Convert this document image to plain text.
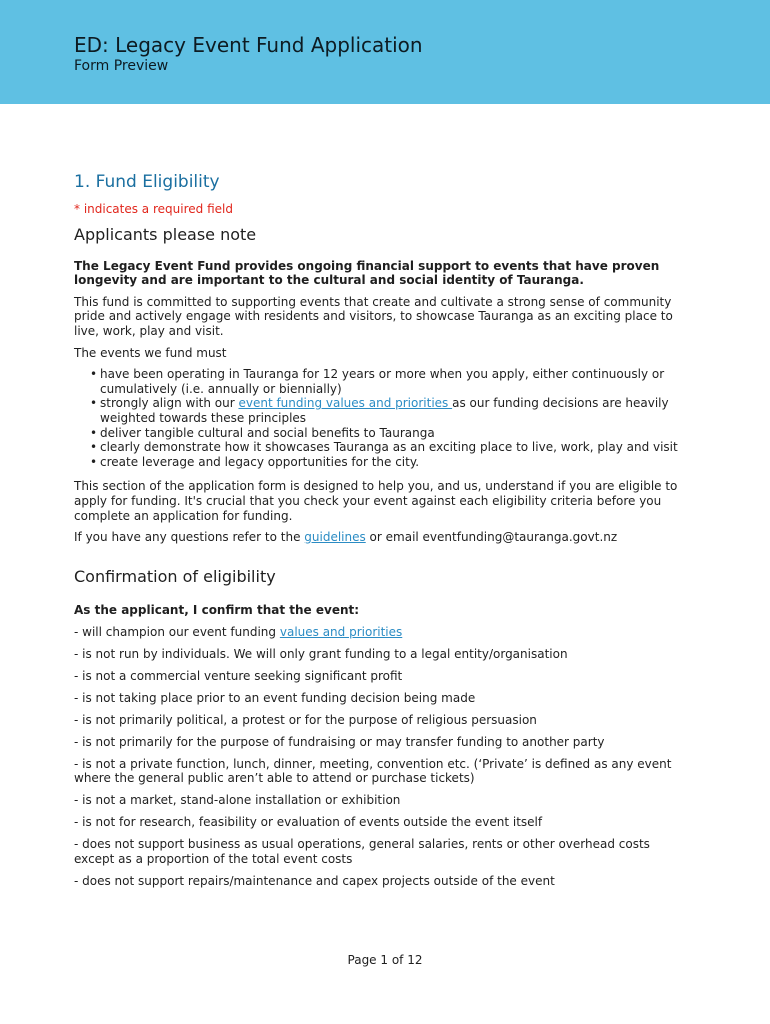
ED: Legacy Event Fund Application
Form Preview
1. Fund Eligibility
* indicates a required field
Applicants please note
The Legacy Event Fund provides ongoing financial support to events that have proven longevity and are important to the cultural and social identity of Tauranga.
This fund is committed to supporting events that create and cultivate a strong sense of community pride and actively engage with residents and visitors, to showcase Tauranga as an exciting place to live, work, play and visit.
The events we fund must
• have been operating in Tauranga for 12 years or more when you apply, either continuously or cumulatively (i.e. annually or biennially)
• strongly align with our event funding values and priorities as our funding decisions are heavily weighted towards these principles
• deliver tangible cultural and social benefits to Tauranga
• clearly demonstrate how it showcases Tauranga as an exciting place to live, work, play and visit
• create leverage and legacy opportunities for the city.
This section of the application form is designed to help you, and us, understand if you are eligible to apply for funding. It's crucial that you check your event against each eligibility criteria before you complete an application for funding.
If you have any questions refer to the guidelines or email eventfunding@tauranga.govt.nz
Confirmation of eligibility
As the applicant, I confirm that the event:
- will champion our event funding values and priorities
- is not run by individuals. We will only grant funding to a legal entity/organisation
- is not a commercial venture seeking significant profit
- is not taking place prior to an event funding decision being made
- is not primarily political, a protest or for the purpose of religious persuasion
- is not primarily for the purpose of fundraising or may transfer funding to another party
- is not a private function, lunch, dinner, meeting, convention etc. (‘Private’ is defined as any event where the general public aren’t able to attend or purchase tickets)
- is not a market, stand-alone installation or exhibition
- is not for research, feasibility or evaluation of events outside the event itself
- does not support business as usual operations, general salaries, rents or other overhead costs except as a proportion of the total event costs
- does not support repairs/maintenance and capex projects outside of the event
Page 1 of 12
